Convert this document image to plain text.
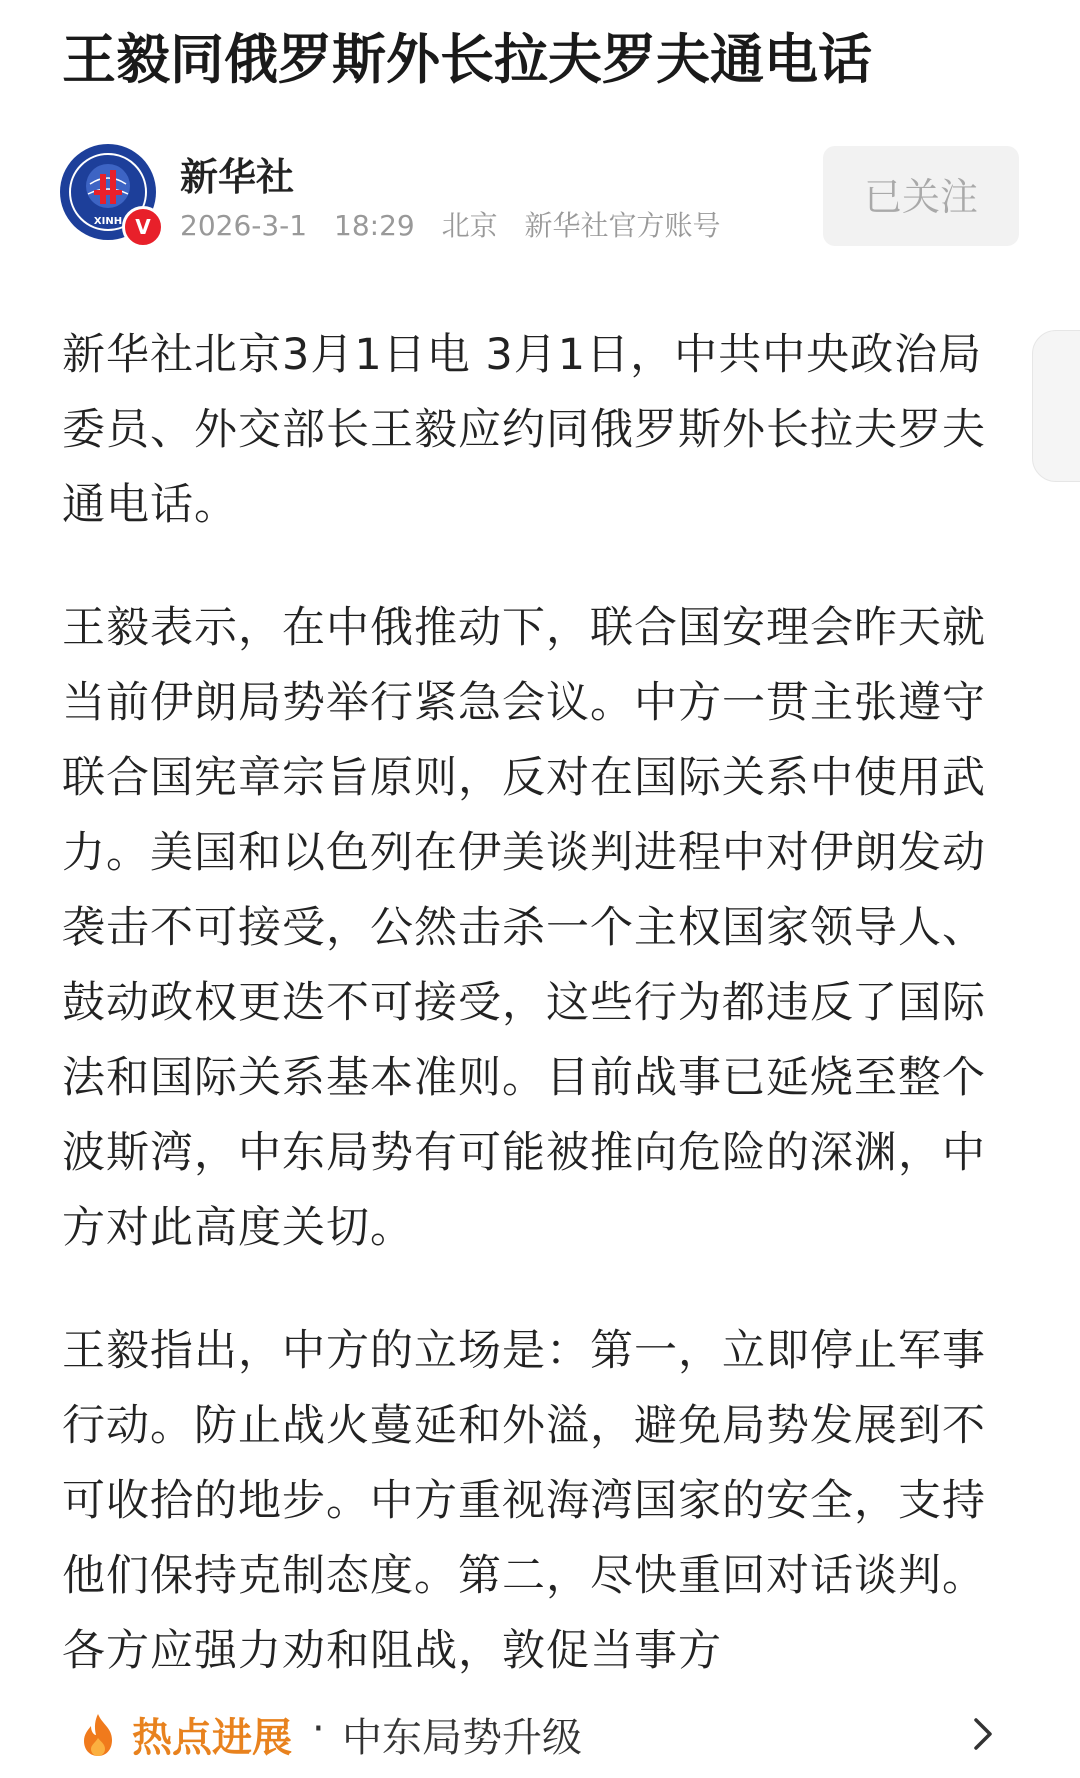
王毅同俄罗斯外长拉夫罗夫通电话
XINH V
新华社
2026-3-1 18:29 北京 新华社官方账号
已关注

新华社北京3月1日电 3月1日，中共中央政治局委员、外交部长王毅应约同俄罗斯外长拉夫罗夫通电话。

王毅表示，在中俄推动下，联合国安理会昨天就当前伊朗局势举行紧急会议。中方一贯主张遵守联合国宪章宗旨原则，反对在国际关系中使用武力。美国和以色列在伊美谈判进程中对伊朗发动袭击不可接受，公然击杀一个主权国家领导人、鼓动政权更迭不可接受，这些行为都违反了国际法和国际关系基本准则。目前战事已延烧至整个波斯湾，中东局势有可能被推向危险的深渊，中方对此高度关切。

王毅指出，中方的立场是：第一，立即停止军事行动。防止战火蔓延和外溢，避免局势发展到不可收拾的地步。中方重视海湾国家的安全，支持他们保持克制态度。第二，尽快重回对话谈判。各方应强力劝和阻战，敦促当事方

热点进展 · 中东局势升级
